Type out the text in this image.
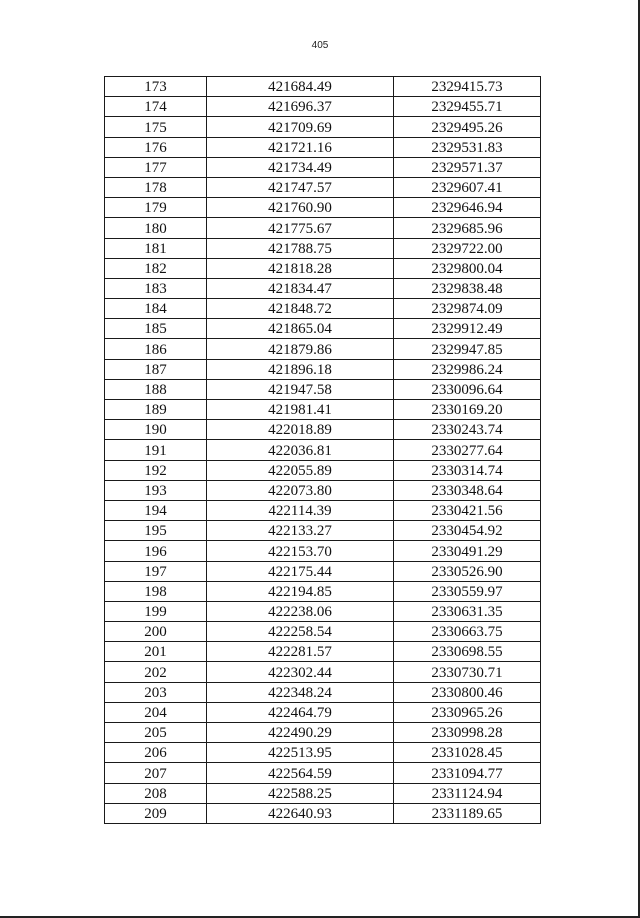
405
173	421684.49	2329415.73
174	421696.37	2329455.71
175	421709.69	2329495.26
176	421721.16	2329531.83
177	421734.49	2329571.37
178	421747.57	2329607.41
179	421760.90	2329646.94
180	421775.67	2329685.96
181	421788.75	2329722.00
182	421818.28	2329800.04
183	421834.47	2329838.48
184	421848.72	2329874.09
185	421865.04	2329912.49
186	421879.86	2329947.85
187	421896.18	2329986.24
188	421947.58	2330096.64
189	421981.41	2330169.20
190	422018.89	2330243.74
191	422036.81	2330277.64
192	422055.89	2330314.74
193	422073.80	2330348.64
194	422114.39	2330421.56
195	422133.27	2330454.92
196	422153.70	2330491.29
197	422175.44	2330526.90
198	422194.85	2330559.97
199	422238.06	2330631.35
200	422258.54	2330663.75
201	422281.57	2330698.55
202	422302.44	2330730.71
203	422348.24	2330800.46
204	422464.79	2330965.26
205	422490.29	2330998.28
206	422513.95	2331028.45
207	422564.59	2331094.77
208	422588.25	2331124.94
209	422640.93	2331189.65
